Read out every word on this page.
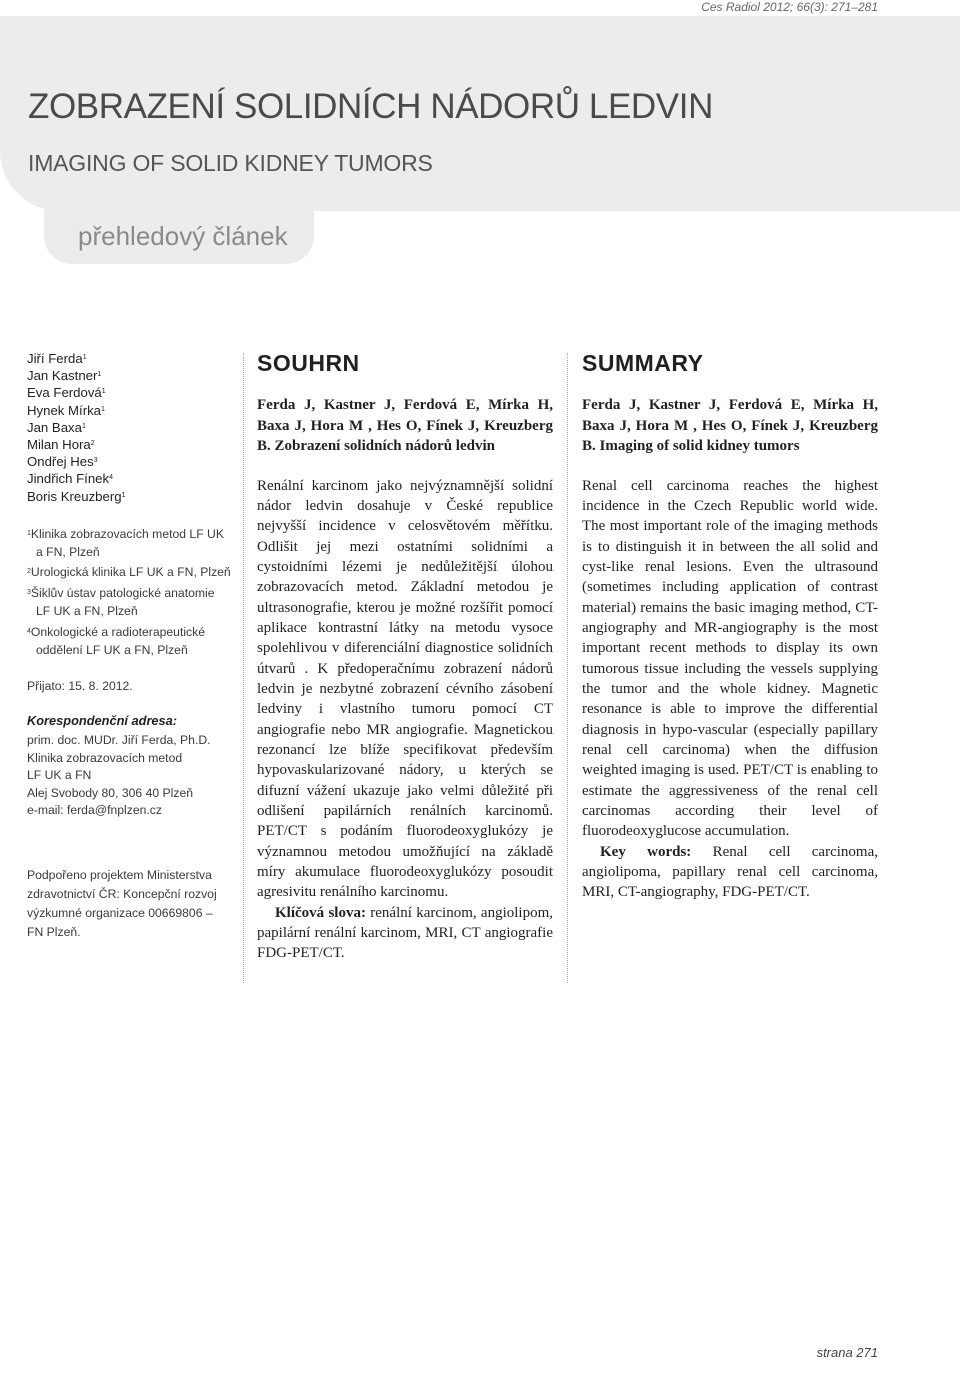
Ces Radiol 2012; 66(3): 271–281
ZOBRAZENÍ SOLIDNÍCH NÁDORŮ LEDVIN
IMAGING OF SOLID KIDNEY TUMORS
přehledový článek
Jiří Ferda$^1$
Jan Kastner$^1$
Eva Ferdová$^1$
Hynek Mírka$^1$
Jan Baxa$^1$
Milan Hora$^2$
Ondřej Hes$^3$
Jindřich Fínek$^4$
Boris Kreuzberg$^1$
$^1$Klinika zobrazovacích metod LF UK a FN, Plzeň
$^2$Urologická klinika LF UK a FN, Plzeň
$^3$Šiklův ústav patologické anatomie LF UK a FN, Plzeň
$^4$Onkologické a radioterapeutické oddělení LF UK a FN, Plzeň
Přijato: 15. 8. 2012.
Korespondenční adresa:
prim. doc. MUDr. Jiří Ferda, Ph.D.
Klinika zobrazovacích metod
LF UK a FN
Alej Svobody 80, 306 40 Plzeň
e-mail: ferda@fnplzen.cz
Podpořeno projektem Ministerstva zdravotnictví ČR: Koncepční rozvoj výzkumné organizace 00669806 – FN Plzeň.
SOUHRN

Ferda J, Kastner J, Ferdová E, Mírka H, Baxa J, Hora M , Hes O, Fínek J, Kreuzberg B. Zobrazení solidních nádorů ledvin

Renální karcinom jako nejvýznamnější solidní nádor ledvin dosahuje v České republice nejvyšší incidence v celosvětovém měřítku. Odlišit jej mezi ostatními solidními a cystoidními lézemi je nedůležitější úlohou zobrazovacích metod. Základní metodou je ultrasonografie, kterou je možné rozšířit pomocí aplikace kontrastní látky na metodu vysoce spolehlivou v diferenciální diagnostice solidních útvarů . K předoperačnímu zobrazení nádorů ledvin je nezbytné zobrazení cévního zásobení ledviny i vlastního tumoru pomocí CT angiografie nebo MR angiografie. Magnetickou rezonancí lze blíže specifikovat především hypovaskularizované nádory, u kterých se difuzní vážení ukazuje jako velmi důležité při odlišení papilárních renálních karcinomů. PET/CT s podáním fluorodeoxyglukózy je významnou metodou umožňující na základě míry akumulace fluorodeoxyglukózy posoudit agresivitu renálního karcinomu.

Klíčová slova: renální karcinom, angiolipom, papilární renální karcinom, MRI, CT angiografie FDG-PET/CT.

SUMMARY

Ferda J, Kastner J, Ferdová E, Mírka H, Baxa J, Hora M , Hes O, Fínek J, Kreuzberg B. Imaging of solid kidney tumors

Renal cell carcinoma reaches the highest incidence in the Czech Republic world wide. The most important role of the imaging methods is to distinguish it in between the all solid and cyst-like renal lesions. Even the ultrasound (sometimes including application of contrast material) remains the basic imaging method, CT-angiography and MR-angiography is the most important recent methods to display its own tumorous tissue including the vessels supplying the tumor and the whole kidney. Magnetic resonance is able to improve the differential diagnosis in hypo-vascular (especially papillary renal cell carcinoma) when the diffusion weighted imaging is used. PET/CT is enabling to estimate the aggressiveness of the renal cell carcinomas according their level of fluorodeoxyglucose accumulation.

Key words: Renal cell carcinoma, angiolipoma, papillary renal cell carcinoma, MRI, CT-angiography, FDG-PET/CT.

strana 271
